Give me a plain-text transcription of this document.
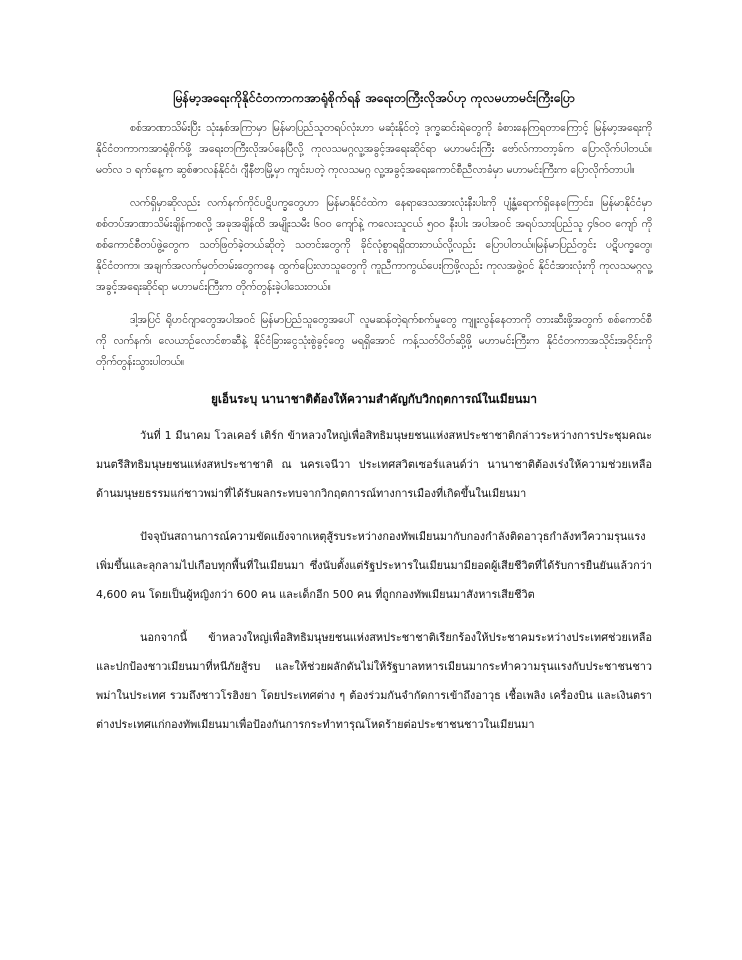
မြန်မာ့အရေးကိုနိုင်ငံတကာကအာရုံစိုက်ရန် အရေးတကြီးလိုအပ်ဟု ကုလမဟာမင်းကြီးပြော

စစ်အာဏာသိမ်းပြီး သုံးနှစ်အကြာမှာ မြန်မာပြည်သူတရပ်လုံးဟာ မဆုံးနိုင်တဲ့ ဒုက္ခဆင်းရဲတွေကို ခံစားနေကြရတာကြောင့် မြန်မာ့အရေးကို နိုင်ငံတကာကအာရုံစိုက်ဖို့ အရေးတကြီးလိုအပ်နေပြီလို့ ကုလသမဂ္ဂလူ့အခွင့်အရေးဆိုင်ရာ မဟာမင်းကြီး ဗော်လ်ကာတာ့ခ်က ပြောလိုက်ပါတယ်။ မတ်လ ၁ ရက်နေ့က ဆွစ်ဇာလန်နိုင်ငံ၊ ဂျီနီဗာမြို့မှာ ကျင်းပတဲ့ ကုလသမဂ္ဂ လူ့အခွင့်အရေးကောင်စီညီလာခံမှာ မဟာမင်းကြီးက ပြောလိုက်တာပါ။

လက်ရှိမှာဆိုလည်း လက်နက်ကိုင်ပဋိပက္ခတွေဟာ မြန်မာနိုင်ငံထဲက နေရာဒေသအားလုံးနီးပါးကို ပျံ့နှံ့ရောက်ရှိနေကြောင်း၊ မြန်မာနိုင်ငံမှာ စစ်တပ်အာဏာသိမ်းချိန်ကစလို့ အခုအချိန်ထိ အမျိုးသမီး ၆၀၀ ကျော်နဲ့ ကလေးသူငယ် ၅၀၀ နီးပါး အပါအဝင် အရပ်သားပြည်သူ ၄၆၀၀ ကျော် ကို စစ်ကောင်စီတပ်ဖွဲ့တွေက သတ်ဖြတ်ခဲ့တယ်ဆိုတဲ့ သတင်းတွေကို ခိုင်လုံစွာရရှိထားတယ်လို့လည်း ပြောပါတယ်။မြန်မာပြည်တွင်း ပဋိပက္ခတွေ၊ နိုင်ငံတကာ၊ အချက်အလက်မှတ်တမ်းတွေကနေ ထွက်ပြေးလာသူတွေကို ကူညီကာကွယ်ပေးကြဖို့လည်း ကုလအဖွဲ့ဝင် နိုင်ငံအားလုံးကို ကုလသမဂ္ဂလူ့အခွင့်အရေးဆိုင်ရာ မဟာမင်းကြီးက တိုက်တွန်းခဲ့ပါသေးတယ်။

ဒါ့အပြင် ရိုဟင်ဂျာတွေအပါအဝင် မြန်မာပြည်သူတွေအပေါ် လူမဆန်တဲ့ရက်စက်မှုတွေ ကျူးလွန်နေတာကို တားဆီးဖို့အတွက် စစ်ကောင်စီကို လက်နက်၊ လေယာဉ်လောင်စာဆီနဲ့ နိုင်ငံခြားငွေသုံးစွဲခွင့်တွေ မရရှိအောင် ကန့်သတ်ပိတ်ဆို့ဖို့ မဟာမင်းကြီးက နိုင်ငံတကာအသိုင်းအဝိုင်းကို တိုက်တွန်းသွားပါတယ်။

ยูเอ็นระบุ นานาชาติต้องให้ความสำคัญกับวิกฤตการณ์ในเมียนมา

วันที่ 1 มีนาคม โวลเคอร์ เติร์ก ข้าหลวงใหญ่เพื่อสิทธิมนุษยชนแห่งสหประชาชาติกล่าวระหว่างการประชุมคณะมนตรีสิทธิมนุษยชนแห่งสหประชาชาติ ณ นครเจนีวา ประเทศสวิตเซอร์แลนด์ว่า นานาชาติต้องเร่งให้ความช่วยเหลือด้านมนุษยธรรมแก่ชาวพม่าที่ได้รับผลกระทบจากวิกฤตการณ์ทางการเมืองที่เกิดขึ้นในเมียนมา

ปัจจุบันสถานการณ์ความขัดแย้งจากเหตุสู้รบระหว่างกองทัพเมียนมากับกองกำลังติดอาวุธกำลังทวีความรุนแรงเพิ่มขึ้นและลุกลามไปเกือบทุกพื้นที่ในเมียนมา ซึ่งนับตั้งแต่รัฐประหารในเมียนมามียอดผู้เสียชีวิตที่ได้รับการยืนยันแล้วกว่า 4,600 คน โดยเป็นผู้หญิงกว่า 600 คน และเด็กอีก 500 คน ที่ถูกกองทัพเมียนมาสังหารเสียชีวิต

นอกจากนี้ ข้าหลวงใหญ่เพื่อสิทธิมนุษยชนแห่งสหประชาชาติเรียกร้องให้ประชาคมระหว่างประเทศช่วยเหลือและปกป้องชาวเมียนมาที่หนีภัยสู้รบ และให้ช่วยผลักดันไม่ให้รัฐบาลทหารเมียนมากระทำความรุนแรงกับประชาชนชาวพม่าในประเทศ รวมถึงชาวโรฮิงยา โดยประเทศต่าง ๆ ต้องร่วมกันจำกัดการเข้าถึงอาวุธ เชื้อเพลิง เครื่องบิน และเงินตราต่างประเทศแก่กองทัพเมียนมาเพื่อป้องกันการกระทำทารุณโหดร้ายต่อประชาชนชาวในเมียนมา
